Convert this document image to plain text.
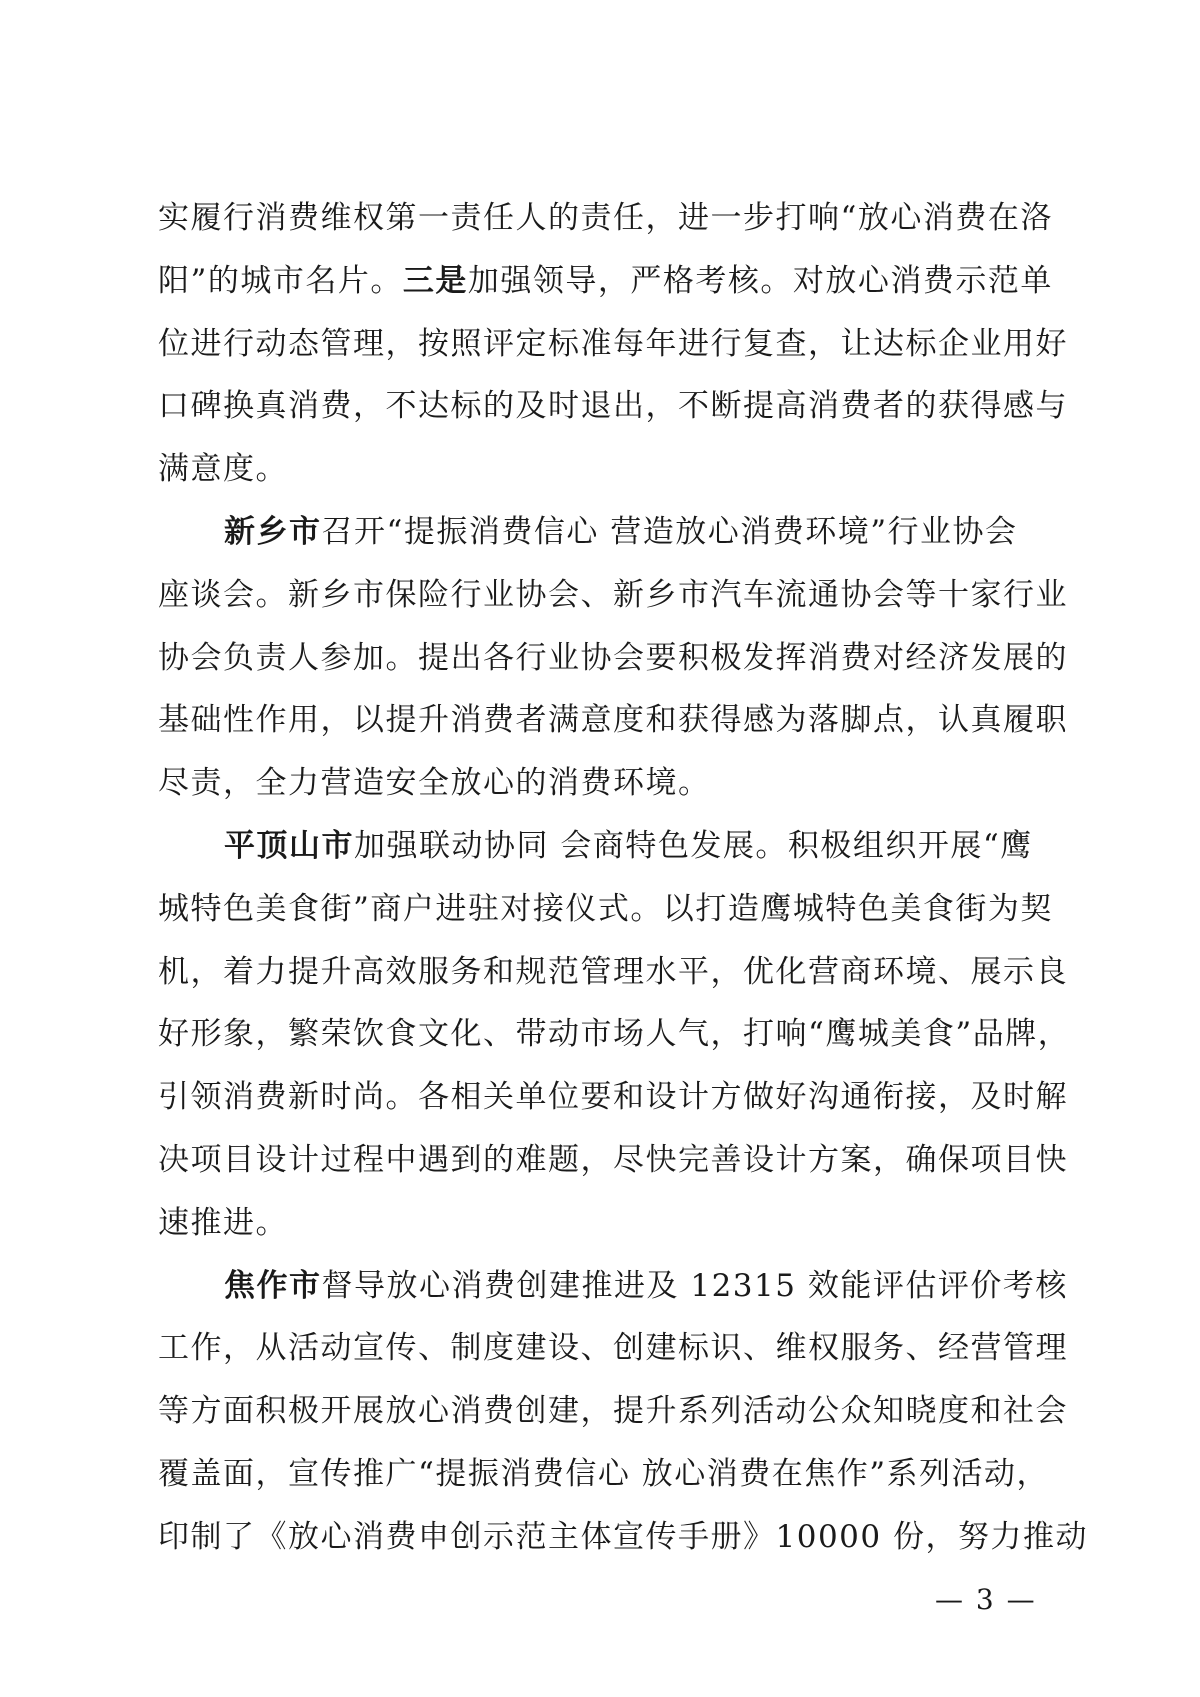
实履行消费维权第一责任人的责任，进一步打响“放心消费在洛
阳”的城市名片。三是加强领导，严格考核。对放心消费示范单
位进行动态管理，按照评定标准每年进行复查，让达标企业用好
口碑换真消费，不达标的及时退出，不断提高消费者的获得感与
满意度。
新乡市召开“提振消费信心 营造放心消费环境”行业协会
座谈会。新乡市保险行业协会、新乡市汽车流通协会等十家行业
协会负责人参加。提出各行业协会要积极发挥消费对经济发展的
基础性作用，以提升消费者满意度和获得感为落脚点，认真履职
尽责，全力营造安全放心的消费环境。
平顶山市加强联动协同 会商特色发展。积极组织开展“鹰
城特色美食街”商户进驻对接仪式。以打造鹰城特色美食街为契
机，着力提升高效服务和规范管理水平，优化营商环境、展示良
好形象，繁荣饮食文化、带动市场人气，打响“鹰城美食”品牌，
引领消费新时尚。各相关单位要和设计方做好沟通衔接，及时解
决项目设计过程中遇到的难题，尽快完善设计方案，确保项目快
速推进。
焦作市督导放心消费创建推进及 12315 效能评估评价考核
工作，从活动宣传、制度建设、创建标识、维权服务、经营管理
等方面积极开展放心消费创建，提升系列活动公众知晓度和社会
覆盖面，宣传推广“提振消费信心 放心消费在焦作”系列活动，
印制了《放心消费申创示范主体宣传手册》10000 份，努力推动
— 3 —
